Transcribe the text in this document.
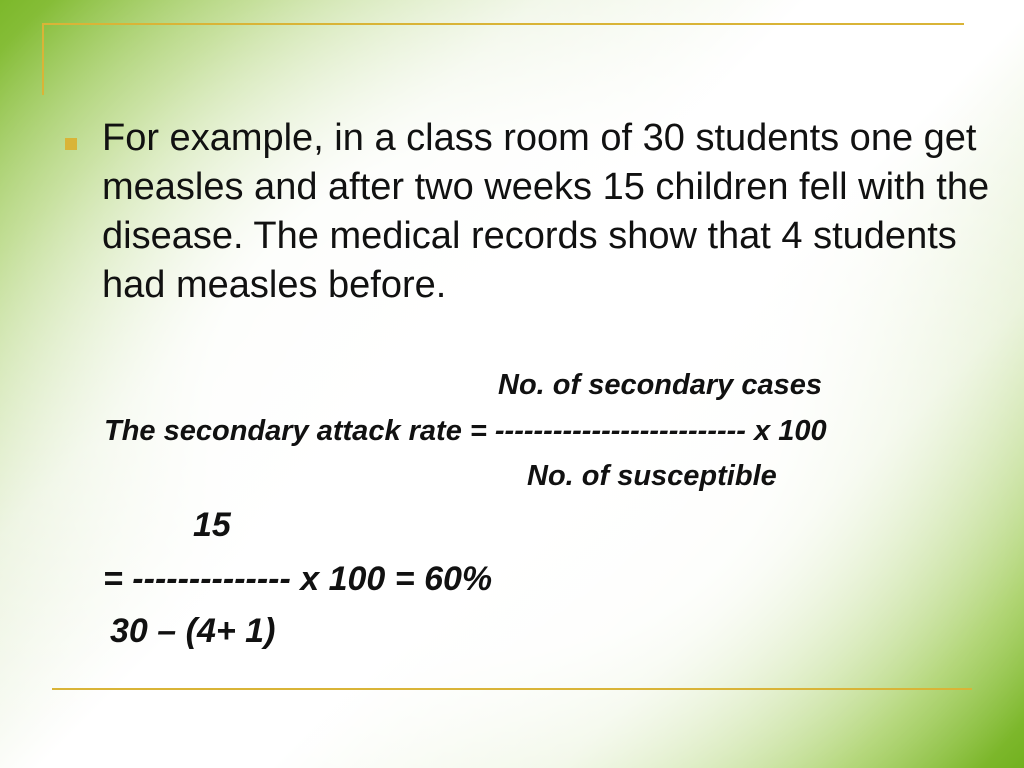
For example, in a class room of 30 students one get measles and after two weeks 15 children fell with the disease. The medical records show that 4 students had measles before.

No. of secondary cases

The secondary attack rate = -------------------------- x 100

No. of susceptible

15

= -------------- x 100 = 60%

30 – (4+ 1)
